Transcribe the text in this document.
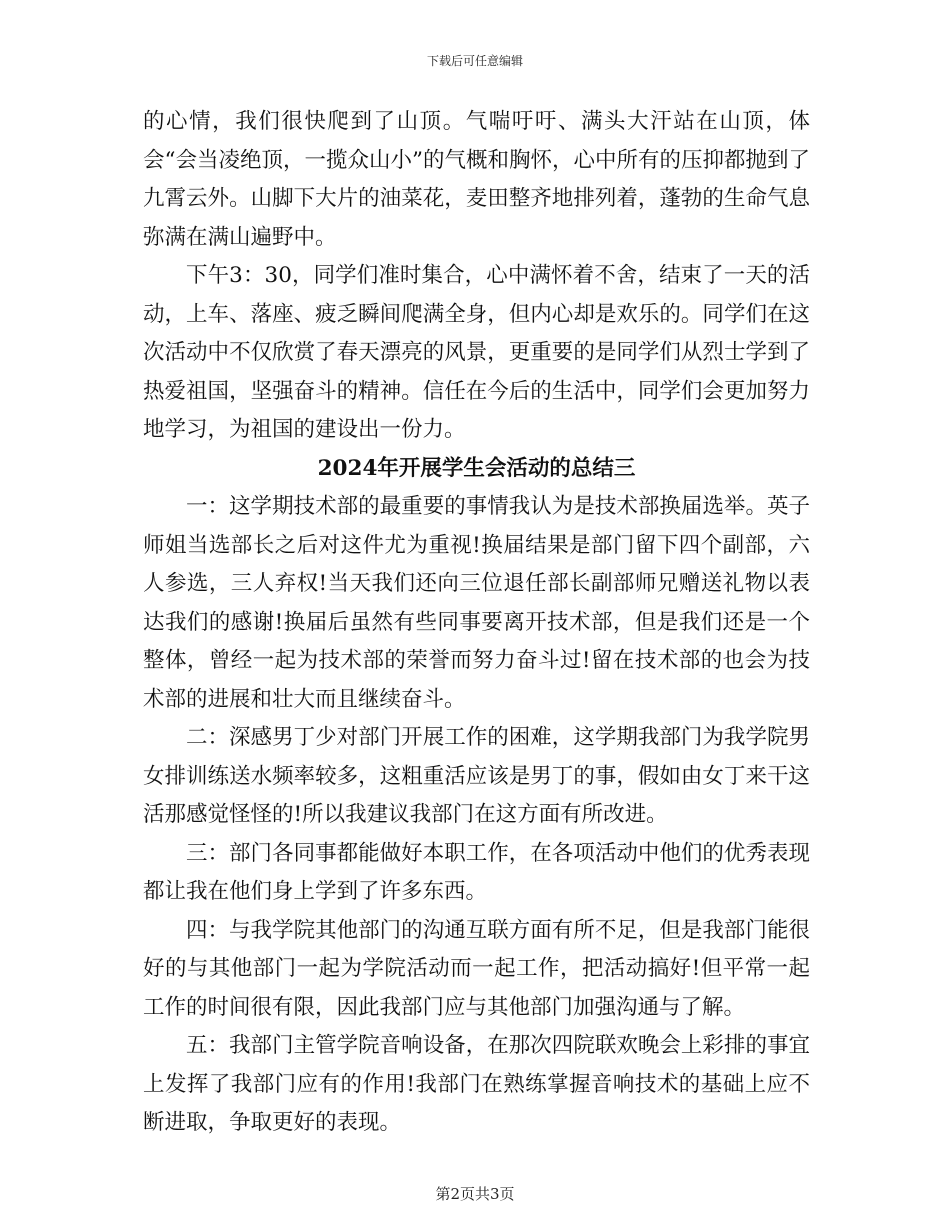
下载后可任意编辑

的心情，我们很快爬到了山顶。气喘吁吁、满头大汗站在山顶，体会“会当凌绝顶，一揽众山小”的气概和胸怀，心中所有的压抑都抛到了九霄云外。山脚下大片的油菜花，麦田整齐地排列着，蓬勃的生命气息弥满在满山遍野中。

下午3：30，同学们准时集合，心中满怀着不舍，结束了一天的活动，上车、落座、疲乏瞬间爬满全身，但内心却是欢乐的。同学们在这次活动中不仅欣赏了春天漂亮的风景，更重要的是同学们从烈士学到了热爱祖国，坚强奋斗的精神。信任在今后的生活中，同学们会更加努力地学习，为祖国的建设出一份力。

2024年开展学生会活动的总结三

一：这学期技术部的最重要的事情我认为是技术部换届选举。英子师姐当选部长之后对这件尤为重视!换届结果是部门留下四个副部，六人参选，三人弃权!当天我们还向三位退任部长副部师兄赠送礼物以表达我们的感谢!换届后虽然有些同事要离开技术部，但是我们还是一个整体，曾经一起为技术部的荣誉而努力奋斗过!留在技术部的也会为技术部的进展和壮大而且继续奋斗。

二：深感男丁少对部门开展工作的困难，这学期我部门为我学院男女排训练送水频率较多，这粗重活应该是男丁的事，假如由女丁来干这活那感觉怪怪的!所以我建议我部门在这方面有所改进。

三：部门各同事都能做好本职工作，在各项活动中他们的优秀表现都让我在他们身上学到了许多东西。

四：与我学院其他部门的沟通互联方面有所不足，但是我部门能很好的与其他部门一起为学院活动而一起工作，把活动搞好!但平常一起工作的时间很有限，因此我部门应与其他部门加强沟通与了解。

五：我部门主管学院音响设备，在那次四院联欢晚会上彩排的事宜上发挥了我部门应有的作用!我部门在熟练掌握音响技术的基础上应不断进取，争取更好的表现。

第2页共3页
